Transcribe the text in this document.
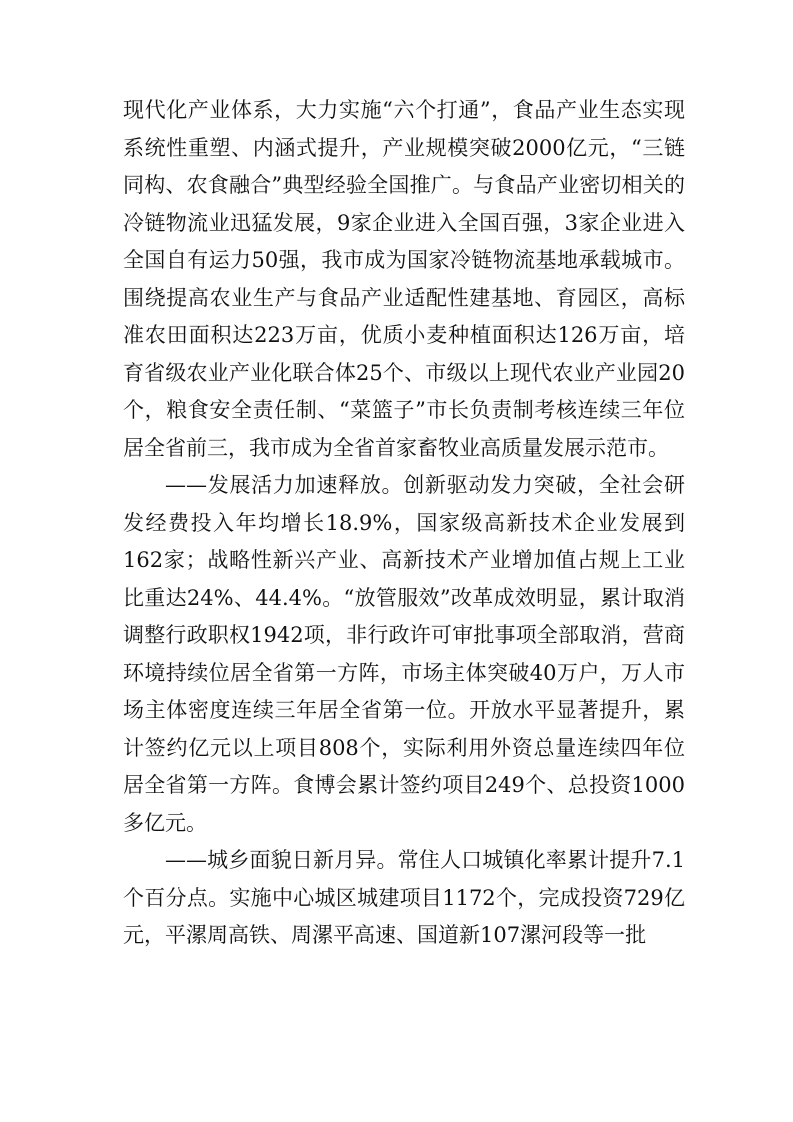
现代化产业体系，大力实施“六个打通”，食品产业生态实现系统性重塑、内涵式提升，产业规模突破2000亿元，“三链同构、农食融合”典型经验全国推广。与食品产业密切相关的冷链物流业迅猛发展，9家企业进入全国百强，3家企业进入全国自有运力50强，我市成为国家冷链物流基地承载城市。围绕提高农业生产与食品产业适配性建基地、育园区，高标准农田面积达223万亩，优质小麦种植面积达126万亩，培育省级农业产业化联合体25个、市级以上现代农业产业园20个，粮食安全责任制、“菜篮子”市长负责制考核连续三年位居全省前三，我市成为全省首家畜牧业高质量发展示范市。

——发展活力加速释放。创新驱动发力突破，全社会研发经费投入年均增长18.9%，国家级高新技术企业发展到162家；战略性新兴产业、高新技术产业增加值占规上工业比重达24%、44.4%。“放管服效”改革成效明显，累计取消调整行政职权1942项，非行政许可审批事项全部取消，营商环境持续位居全省第一方阵，市场主体突破40万户，万人市场主体密度连续三年居全省第一位。开放水平显著提升，累计签约亿元以上项目808个，实际利用外资总量连续四年位居全省第一方阵。食博会累计签约项目249个、总投资1000多亿元。

——城乡面貌日新月异。常住人口城镇化率累计提升7.1个百分点。实施中心城区城建项目1172个，完成投资729亿元，平漯周高铁、周漯平高速、国道新107漯河段等一批
